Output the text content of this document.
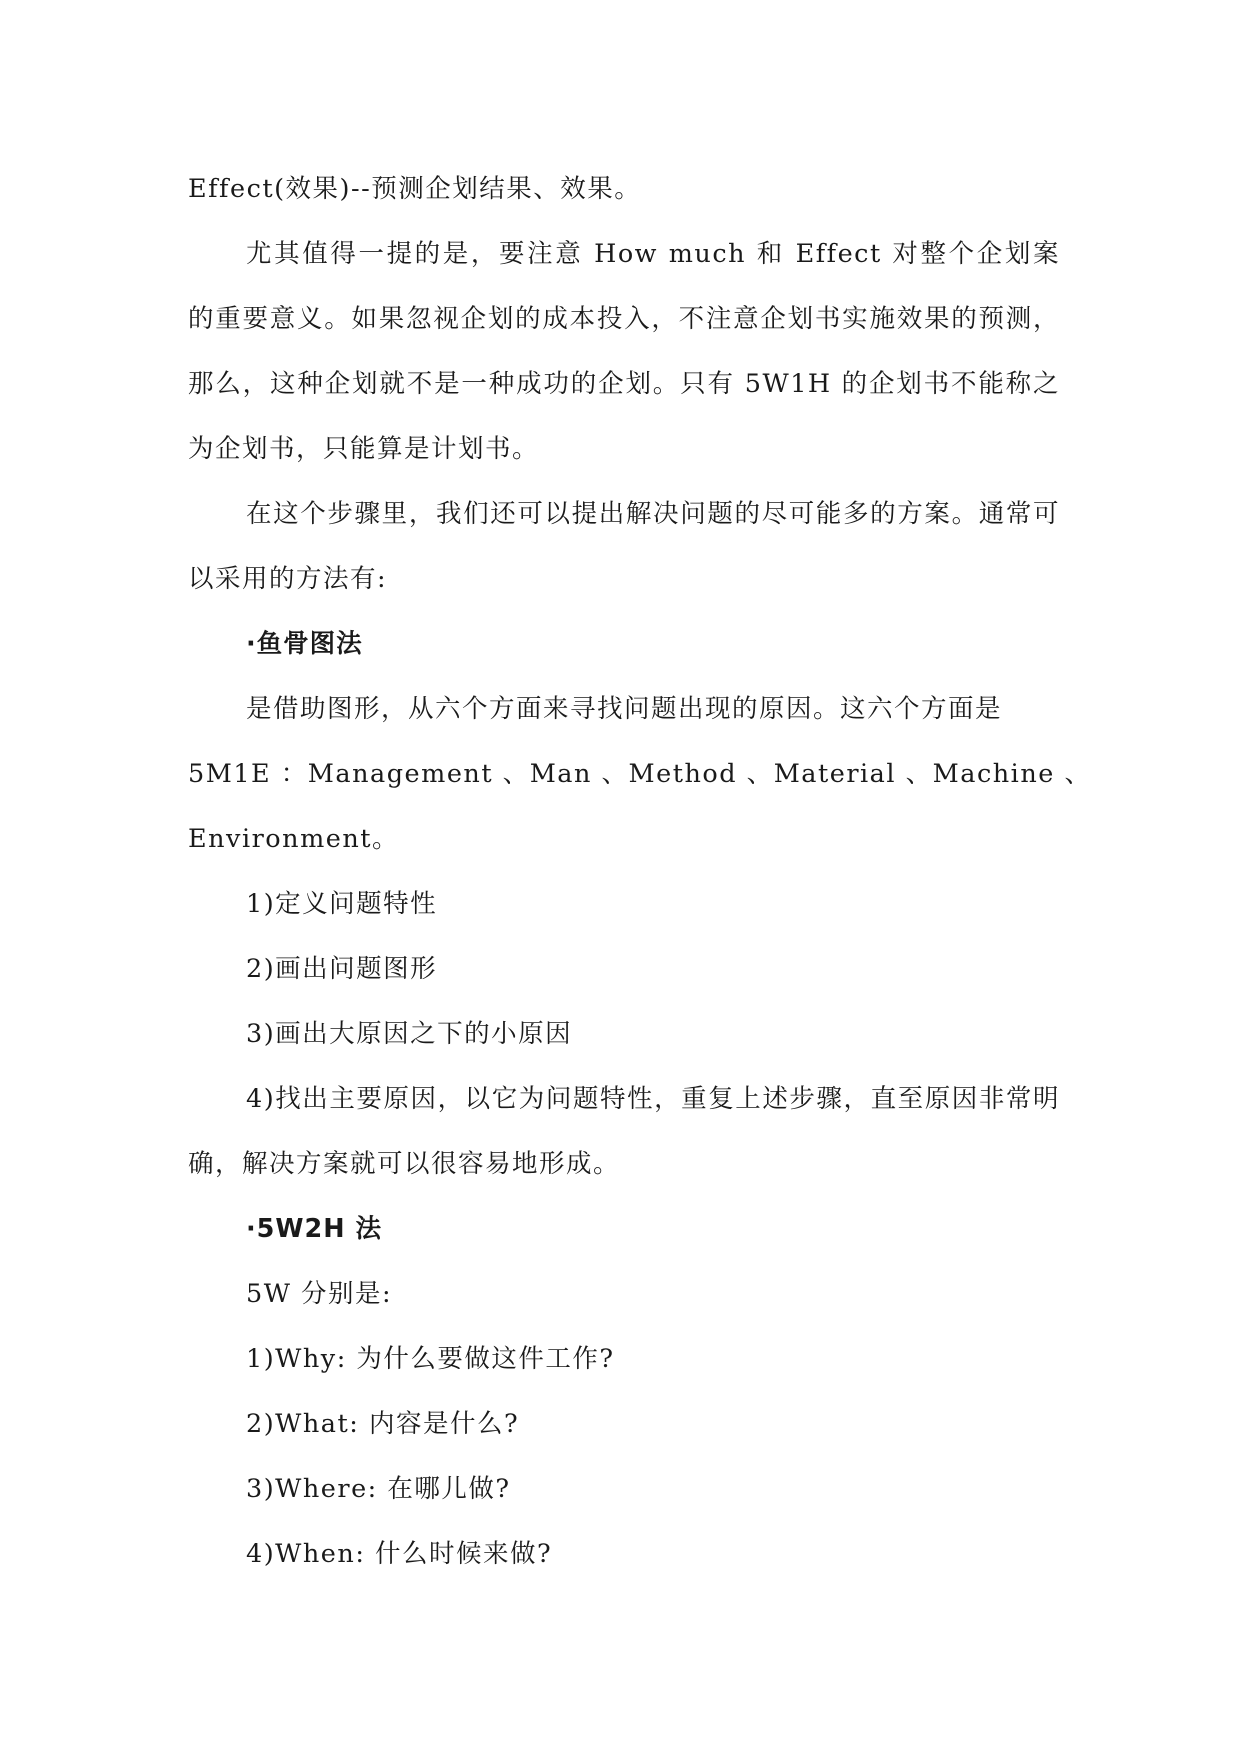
Effect(效果)--预测企划结果、效果。

尤其值得一提的是，要注意 How much 和 Effect 对整个企划案的重要意义。如果忽视企划的成本投入，不注意企划书实施效果的预测，那么，这种企划就不是一种成功的企划。只有 5W1H 的企划书不能称之为企划书，只能算是计划书。

在这个步骤里，我们还可以提出解决问题的尽可能多的方案。通常可以采用的方法有:

·鱼骨图法

是借助图形，从六个方面来寻找问题出现的原因。这六个方面是

5M1E ： Management 、 Man 、 Method 、 Material 、 Machine 、

Environment。

1)定义问题特性

2)画出问题图形

3)画出大原因之下的小原因

4)找出主要原因，以它为问题特性，重复上述步骤，直至原因非常明确，解决方案就可以很容易地形成。

·5W2H 法

5W 分别是:

1)Why: 为什么要做这件工作?

2)What: 内容是什么?

3)Where: 在哪儿做?

4)When: 什么时候来做?
